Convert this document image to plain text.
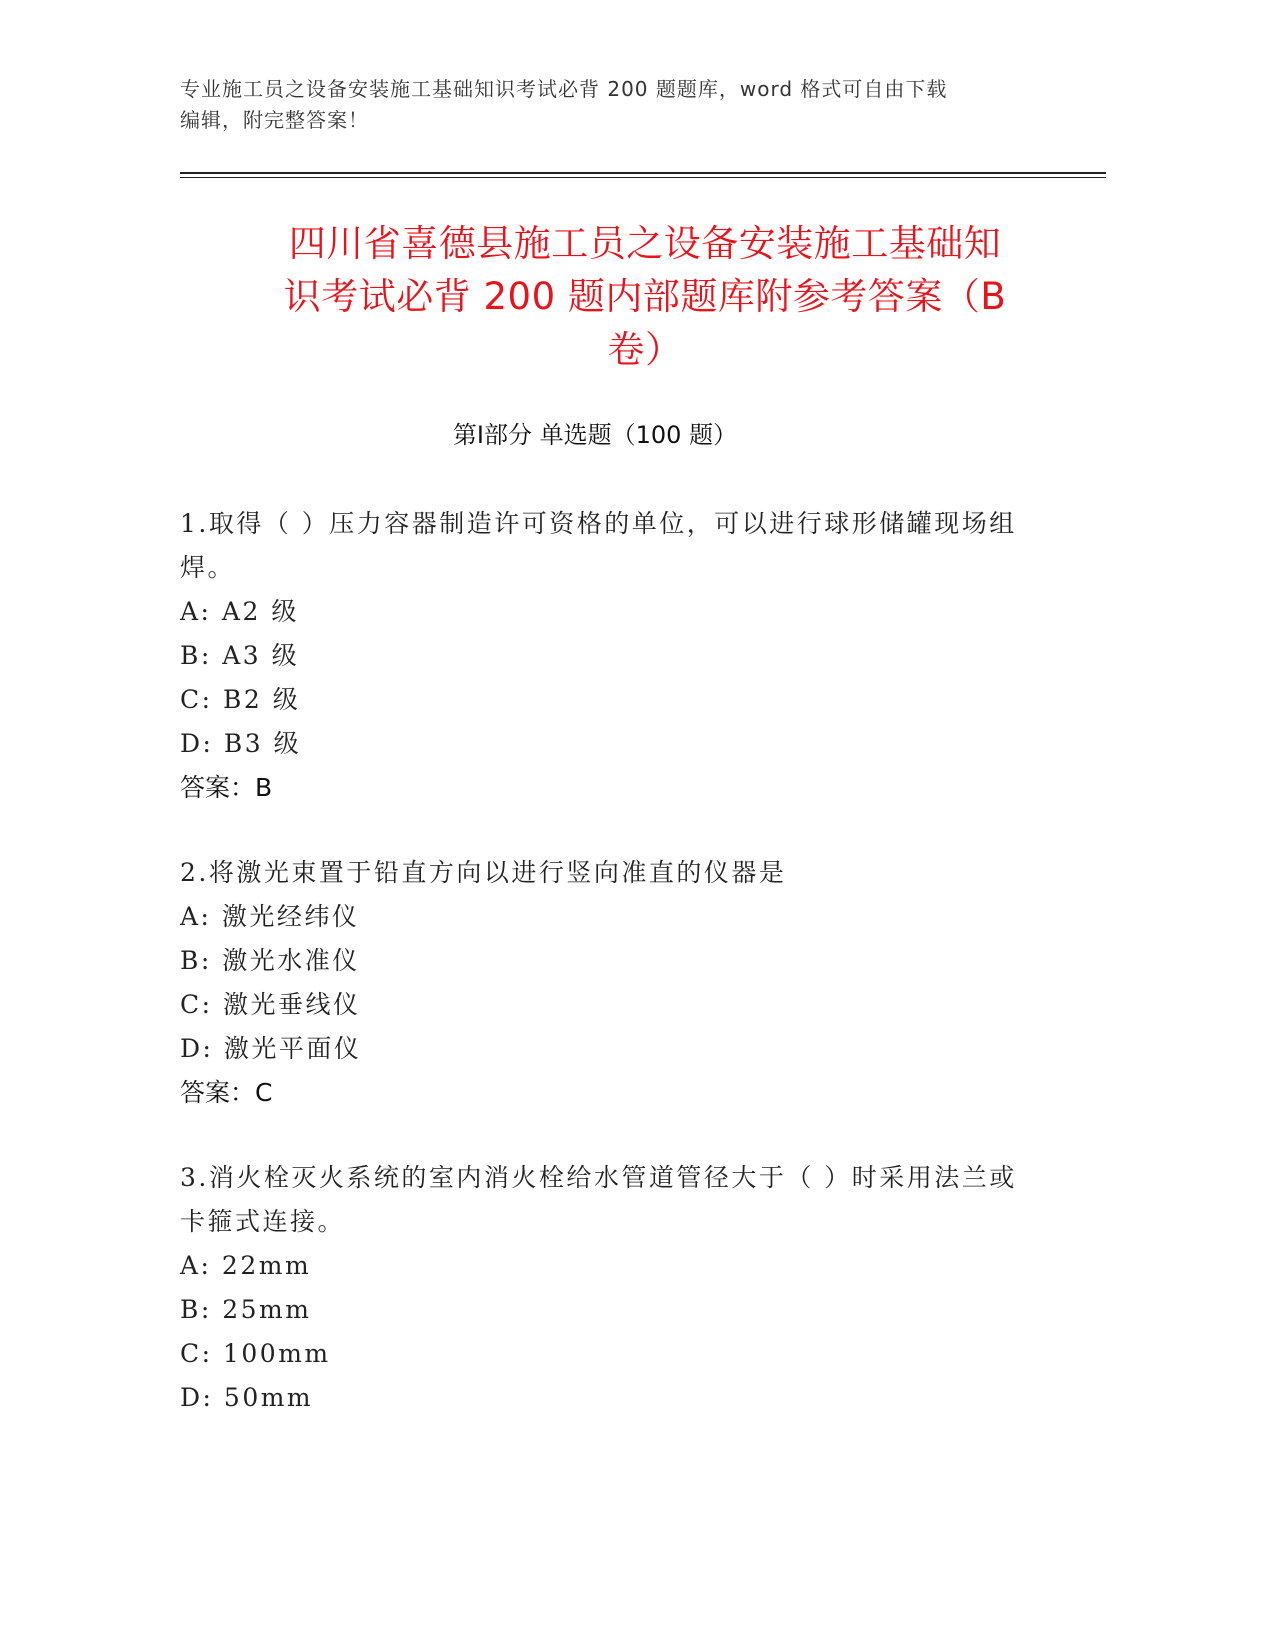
专业施工员之设备安装施工基础知识考试必背 200 题题库，word 格式可自由下载
编辑，附完整答案！
四川省喜德县施工员之设备安装施工基础知
识考试必背 200 题内部题库附参考答案（B
卷）
第Ⅰ部分 单选题（100 题）
1.取得（ ）压力容器制造许可资格的单位，可以进行球形储罐现场组
焊。
A: A2 级
B: A3 级
C: B2 级
D: B3 级
答案：B
2.将激光束置于铅直方向以进行竖向准直的仪器是
A: 激光经纬仪
B: 激光水准仪
C: 激光垂线仪
D: 激光平面仪
答案：C
3.消火栓灭火系统的室内消火栓给水管道管径大于（ ）时采用法兰或
卡箍式连接。
A: 22mm
B: 25mm
C: 100mm
D: 50mm
